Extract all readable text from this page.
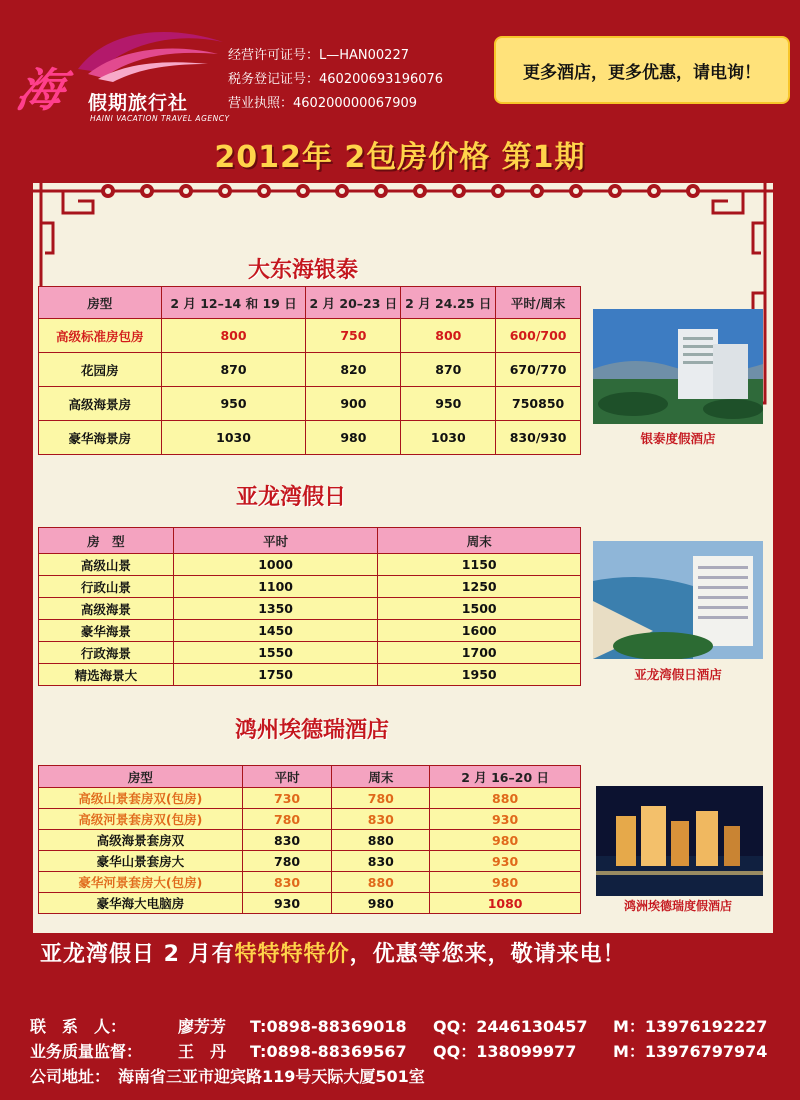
海 假期旅行社
HAINI VACATION TRAVEL AGENCY
经营许可证号：L—HAN00227
税务登记证号：460200693196076
营业执照：460200000067909
更多酒店，更多优惠，请电询！
2012年 2包房价格 第1期
大东海银泰
房型	2 月 12–14 和 19 日	2 月 20–23 日	2 月 24.25 日	平时/周末
高级标准房包房	800	750	800	600/700
花园房	870	820	870	670/770
高级海景房	950	900	950	750850
豪华海景房	1030	980	1030	830/930	银泰度假酒店
亚龙湾假日
房　型	平时	周末
高级山景	1000	1150
行政山景	1100	1250
高级海景	1350	1500
豪华海景	1450	1600
行政海景	1550	1700
精选海景大	1750	1950	亚龙湾假日酒店
鸿州埃德瑞酒店
房型	平时	周末	2 月 16–20 日
高级山景套房双(包房)	730	780	880
高级河景套房双(包房)	780	830	930
高级海景套房双	830	880	980
豪华山景套房大	780	830	930
豪华河景套房大(包房)	830	880	980
豪华海大电脑房	930	980	1080	鸿洲埃德瑞度假酒店
亚龙湾假日 2 月有特特特特价，优惠等您来，敬请来电！
联　系　人：	廖芳芳 T:0898-88369018 QQ：2446130457 M：13976192227
业务质量监督： 王　丹 T:0898-88369567 QQ：138099977 M：13976797974
公司地址：　海南省三亚市迎宾路119号天际大厦501室
